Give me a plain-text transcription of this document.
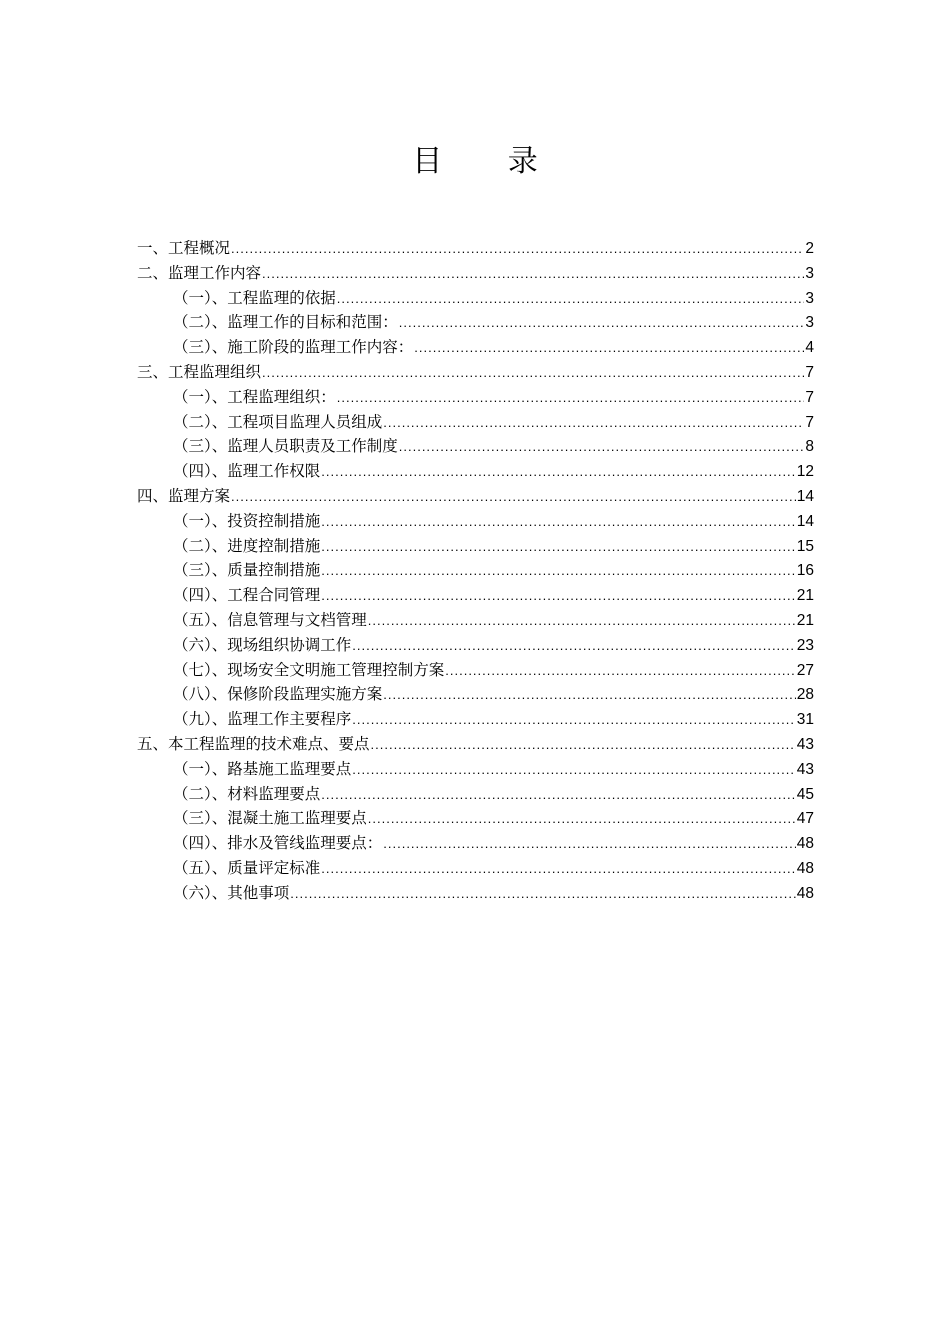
目 录
一、工程概况 .....	2
二、监理工作内容 .....	3
（一）、工程监理的依据 .....	3
（二）、监理工作的目标和范围： .....	3
（三）、施工阶段的监理工作内容： .....	4
三、工程监理组织 .....	7
（一）、工程监理组织： .....	7
（二）、工程项目监理人员组成 .....	7
（三）、监理人员职责及工作制度 .....	8
（四）、监理工作权限 .....	12
四、监理方案 .....	14
（一）、投资控制措施 .....	14
（二）、进度控制措施 .....	15
（三）、质量控制措施 .....	16
（四）、工程合同管理 .....	21
（五）、信息管理与文档管理 .....	21
（六）、现场组织协调工作 .....	23
（七）、现场安全文明施工管理控制方案 .....	27
（八）、保修阶段监理实施方案 .....	28
（九）、监理工作主要程序 .....	31
五、本工程监理的技术难点、要点 .....	43
（一）、路基施工监理要点 .....	43
（二）、材料监理要点 .....	45
（三）、混凝土施工监理要点 .....	47
（四）、排水及管线监理要点： .....	48
（五）、质量评定标准 .....	48
（六）、其他事项 .....	48
